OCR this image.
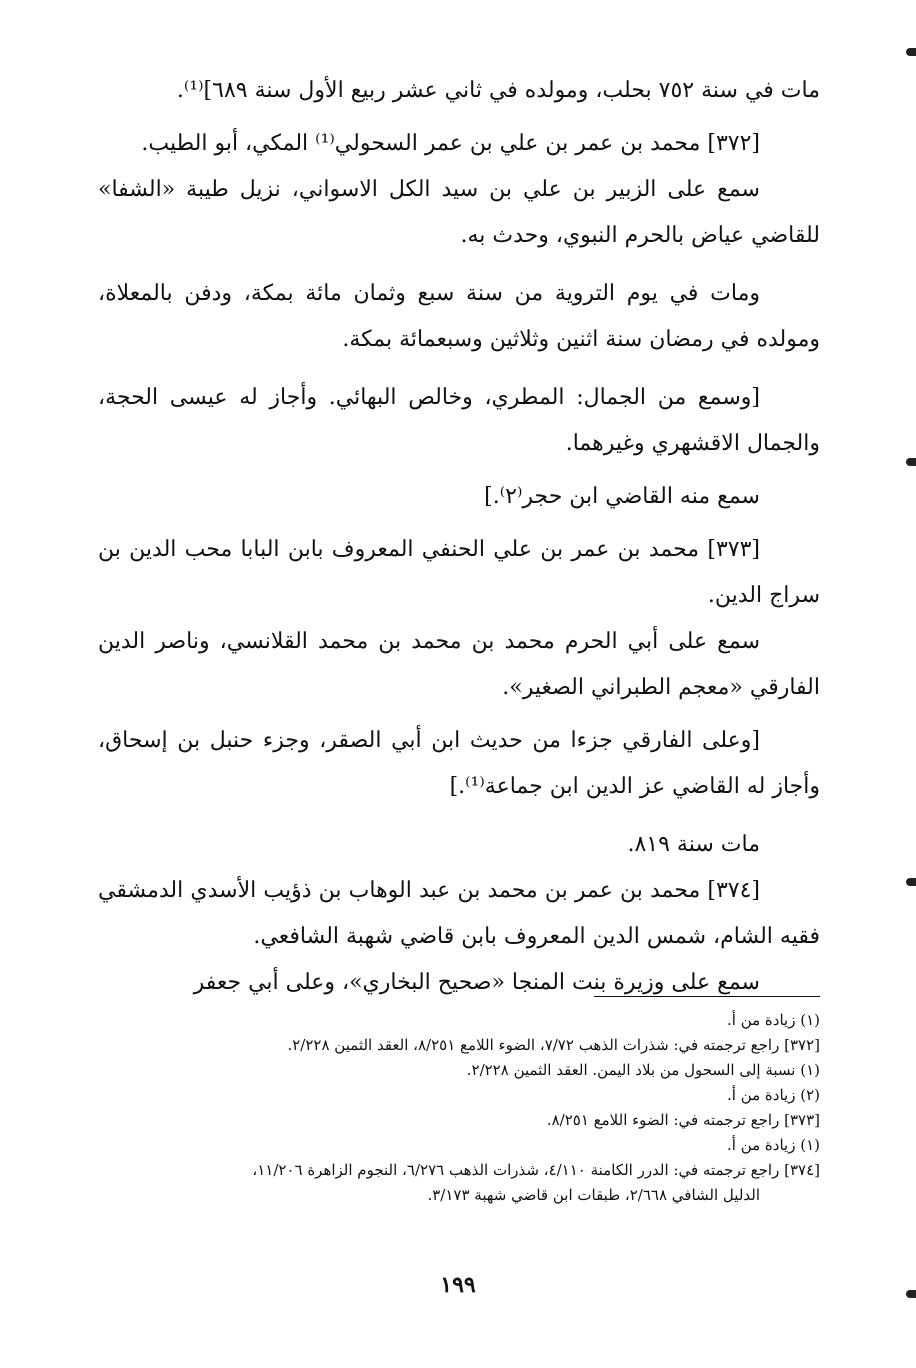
مات في سنة ٧٥٢ بحلب، ومولده في ثاني عشر ربيع الأول سنة ٦٨٩]⁽¹⁾.

[٣٧٢] محمد بن عمر بن علي بن عمر السحولي⁽¹⁾ المكي، أبو الطيب.

سمع على الزبير بن علي بن سيد الكل الاسواني، نزيل طيبة «الشفا» للقاضي عياض بالحرم النبوي، وحدث به.

ومات في يوم التروية من سنة سبع وثمان مائة بمكة، ودفن بالمعلاة، ومولده في رمضان سنة اثنين وثلاثين وسبعمائة بمكة.

[وسمع من الجمال: المطري، وخالص البهائي. وأجاز له عيسى الحجة، والجمال الاقشهري وغيرهما.

سمع منه القاضي ابن حجر⁽٢⁾.]

[٣٧٣] محمد بن عمر بن علي الحنفي المعروف بابن البابا محب الدين بن سراج الدين.

سمع على أبي الحرم محمد بن محمد بن محمد القلانسي، وناصر الدين الفارقي «معجم الطبراني الصغير».

[وعلى الفارقي جزءا من حديث ابن أبي الصقر، وجزء حنبل بن إسحاق، وأجاز له القاضي عز الدين ابن جماعة⁽¹⁾.]

مات سنة ٨١٩.

[٣٧٤] محمد بن عمر بن محمد بن عبد الوهاب بن ذؤيب الأسدي الدمشقي فقيه الشام، شمس الدين المعروف بابن قاضي شهبة الشافعي.

سمع على وزيرة بنت المنجا «صحيح البخاري»، وعلى أبي جعفر

(١) زيادة من أ.

[٣٧٢] راجع ترجمته في: شذرات الذهب ٧/٧٢، الضوء اللامع ٨/٢٥١، العقد الثمين ٢/٢٢٨.

(١) نسبة إلى السحول من بلاد اليمن. العقد الثمين ٢/٢٢٨.

(٢) زيادة من أ.

[٣٧٣] راجع ترجمته في: الضوء اللامع ٨/٢٥١.

(١) زيادة من أ.

[٣٧٤] راجع ترجمته في: الدرر الكامنة ٤/١١٠، شذرات الذهب ٦/٢٧٦، النجوم الزاهرة ١١/٢٠٦،

الدليل الشافي ٢/٦٦٨، طبقات ابن قاضي شهبة ٣/١٧٣.

١٩٩
